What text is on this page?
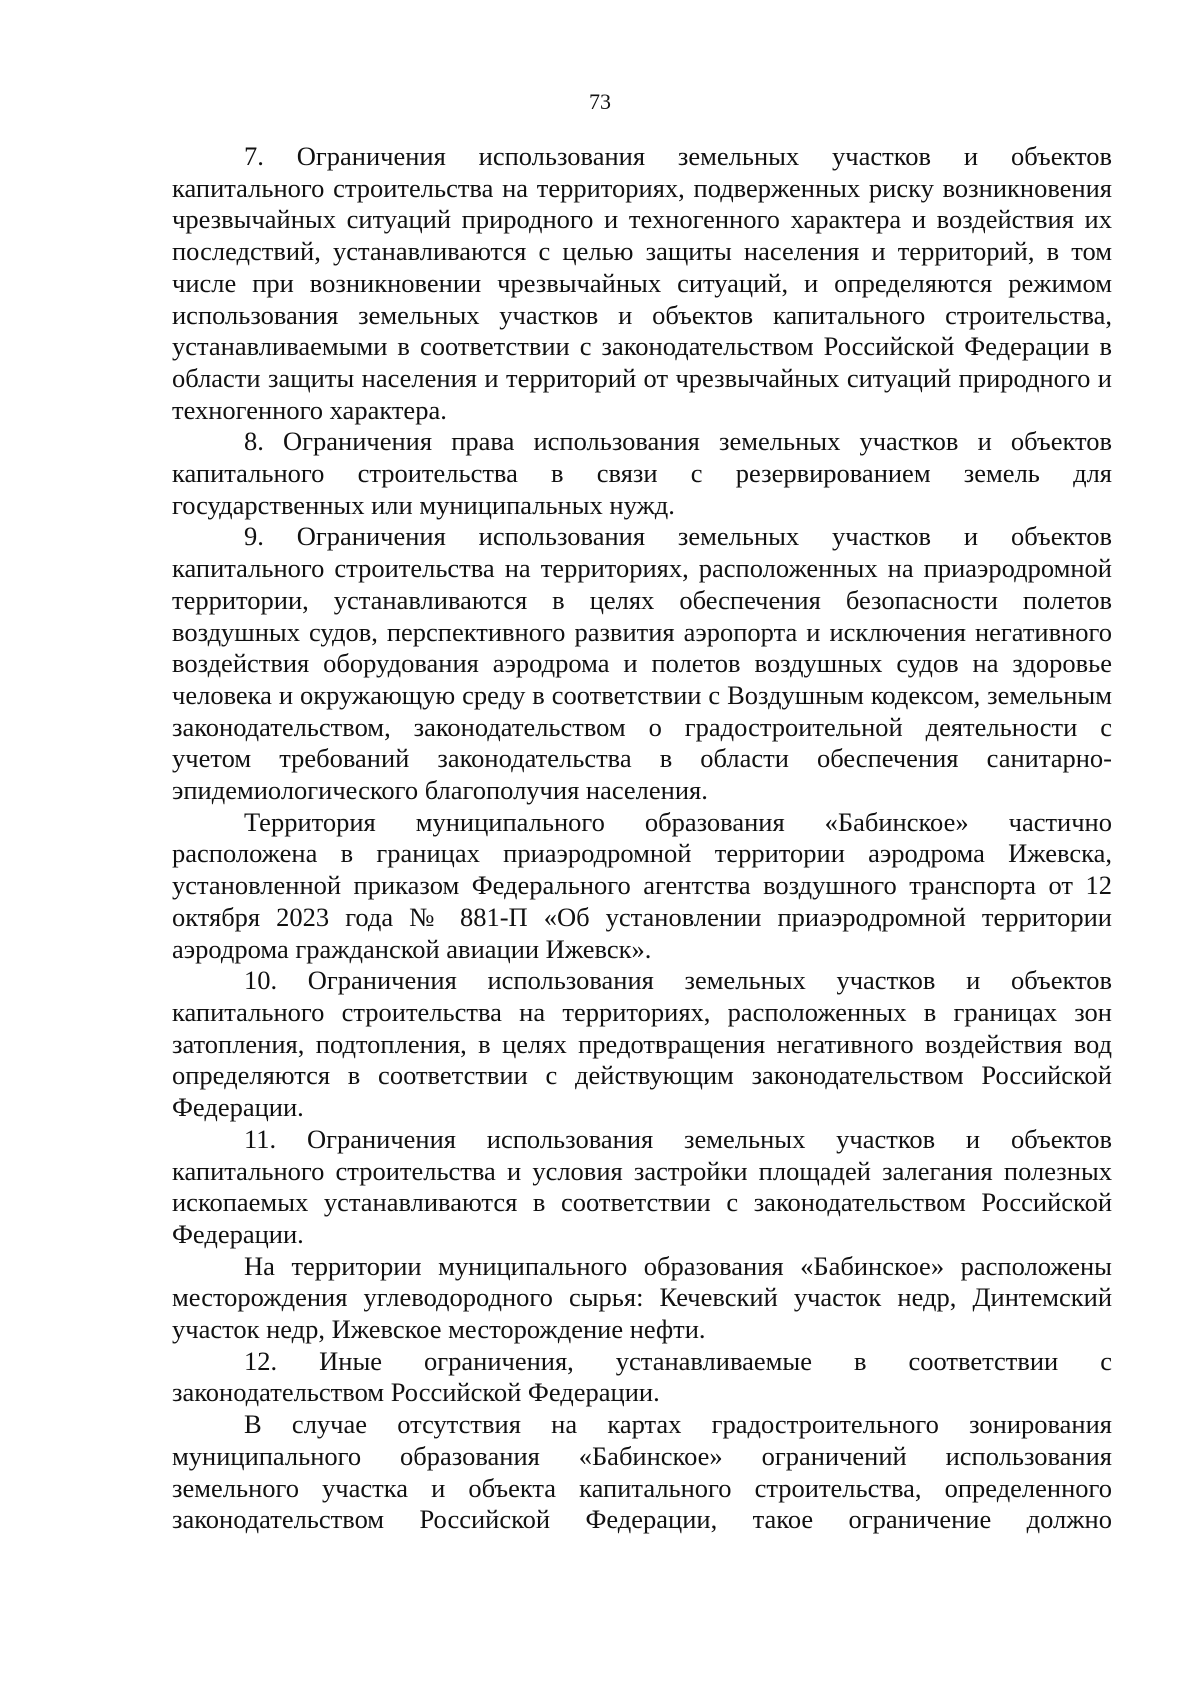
73

7. Ограничения использования земельных участков и объектов капитального строительства на территориях, подверженных риску возникновения чрезвычайных ситуаций природного и техногенного характера и воздействия их последствий, устанавливаются с целью защиты населения и территорий, в том числе при возникновении чрезвычайных ситуаций, и определяются режимом использования земельных участков и объектов капитального строительства, устанавливаемыми в соответствии с законодательством Российской Федерации в области защиты населения и территорий от чрезвычайных ситуаций природного и техногенного характера.

8. Ограничения права использования земельных участков и объектов капитального строительства в связи с резервированием земель для государственных или муниципальных нужд.

9. Ограничения использования земельных участков и объектов капитального строительства на территориях, расположенных на приаэродромной территории, устанавливаются в целях обеспечения безопасности полетов воздушных судов, перспективного развития аэропорта и исключения негативного воздействия оборудования аэродрома и полетов воздушных судов на здоровье человека и окружающую среду в соответствии с Воздушным кодексом, земельным законодательством, законодательством о градостроительной деятельности с учетом требований законодательства в области обеспечения санитарно-эпидемиологического благополучия населения.

Территория муниципального образования «Бабинское» частично расположена в границах приаэродромной территории аэродрома Ижевска, установленной приказом Федерального агентства воздушного транспорта от 12 октября 2023 года № 881-П «Об установлении приаэродромной территории аэродрома гражданской авиации Ижевск».

10. Ограничения использования земельных участков и объектов капитального строительства на территориях, расположенных в границах зон затопления, подтопления, в целях предотвращения негативного воздействия вод определяются в соответствии с действующим законодательством Российской Федерации.

11. Ограничения использования земельных участков и объектов капитального строительства и условия застройки площадей залегания полезных ископаемых устанавливаются в соответствии с законодательством Российской Федерации.

На территории муниципального образования «Бабинское» расположены месторождения углеводородного сырья: Кечевский участок недр, Динтемский участок недр, Ижевское месторождение нефти.

12. Иные ограничения, устанавливаемые в соответствии с законодательством Российской Федерации.

В случае отсутствия на картах градостроительного зонирования муниципального образования «Бабинское» ограничений использования земельного участка и объекта капитального строительства, определенного законодательством Российской Федерации, такое ограничение должно
